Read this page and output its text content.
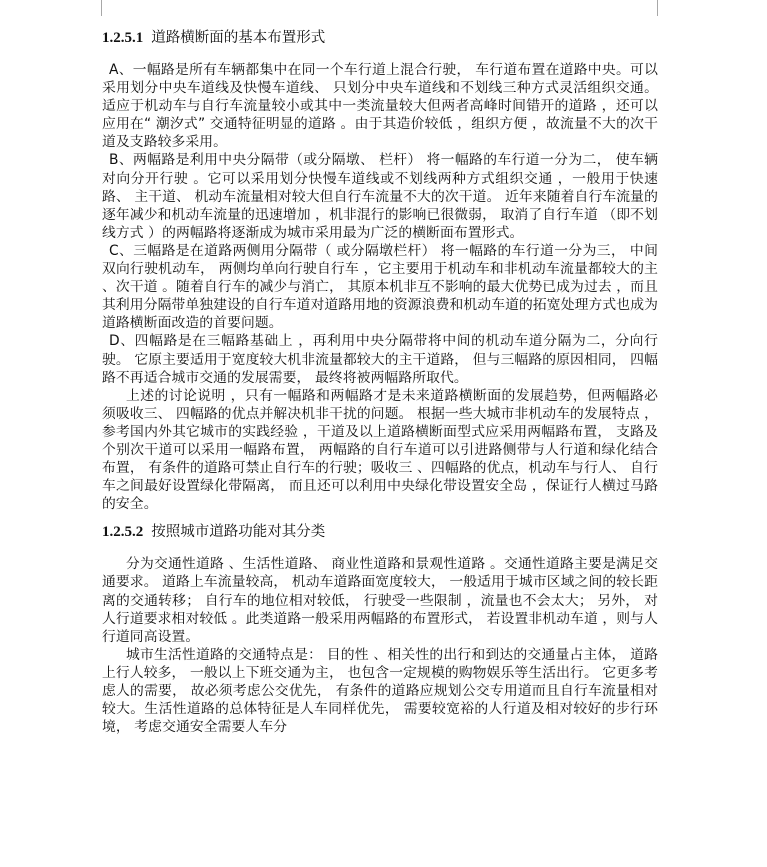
1.2.5.1 道路横断面的基本布置形式

A、一幅路是所有车辆都集中在同一个车行道上混合行驶， 车行道布置在道路中央。可以采用划分中央车道线及快慢车道线、 只划分中央车道线和不划线三种方式灵活组织交通。 适应于机动车与自行车流量较小或其中一类流量较大但两者高峰时间错开的道路 ，还可以应用在“ 潮汐式” 交通特征明显的道路 。由于其造价较低 ，组织方便 ，故流量不大的次干道及支路较多采用。

B、两幅路是利用中央分隔带（或分隔墩、 栏杆） 将一幅路的车行道一分为二， 使车辆对向分开行驶 。它可以采用划分快慢车道线或不划线两种方式组织交通 ，一般用于快速路、 主干道、 机动车流量相对较大但自行车流量不大的次干道。 近年来随着自行车流量的逐年减少和机动车流量的迅速增加 ，机非混行的影响已很微弱， 取消了自行车道 （即不划线方式 ）的两幅路将逐渐成为城市采用最为广泛的横断面布置形式。

C、三幅路是在道路两侧用分隔带（ 或分隔墩栏杆） 将一幅路的车行道一分为三， 中间双向行驶机动车， 两侧均单向行驶自行车 ，它主要用于机动车和非机动车流量都较大的主 、次干道 。随着自行车的减少与消亡， 其原本机非互不影响的最大优势已成为过去 ，而且其利用分隔带单独建设的自行车道对道路用地的资源浪费和机动车道的拓宽处理方式也成为道路横断面改造的首要问题。

D、四幅路是在三幅路基础上 ，再利用中央分隔带将中间的机动车道分隔为二，分向行驶。 它原主要适用于宽度较大机非流量都较大的主干道路， 但与三幅路的原因相同， 四幅路不再适合城市交通的发展需要， 最终将被两幅路所取代。

上述的讨论说明 ，只有一幅路和两幅路才是未来道路横断面的发展趋势，但两幅路必须吸收三、 四幅路的优点并解决机非干扰的问题。 根据一些大城市非机动车的发展特点 ，参考国内外其它城市的实践经验 ，干道及以上道路横断面型式应采用两幅路布置， 支路及个别次干道可以采用一幅路布置， 两幅路的自行车道可以引进路侧带与人行道和绿化结合布置， 有条件的道路可禁止自行车的行驶；吸收三 、四幅路的优点，机动车与行人、 自行车之间最好设置绿化带隔离， 而且还可以利用中央绿化带设置安全岛 ，保证行人横过马路的安全。

1.2.5.2 按照城市道路功能对其分类

分为交通性道路 、生活性道路、 商业性道路和景观性道路 。交通性道路主要是满足交通要求。 道路上车流量较高， 机动车道路面宽度较大， 一般适用于城市区域之间的较长距离的交通转移； 自行车的地位相对较低， 行驶受一些限制 ，流量也不会太大； 另外， 对人行道要求相对较低 。此类道路一般采用两幅路的布置形式， 若设置非机动车道 ，则与人行道同高设置。

城市生活性道路的交通特点是： 目的性 、相关性的出行和到达的交通量占主体， 道路上行人较多， 一般以上下班交通为主， 也包含一定规模的购物娱乐等生活出行。 它更多考虑人的需要， 故必须考虑公交优先， 有条件的道路应规划公交专用道而且自行车流量相对较大。生活性道路的总体特征是人车同样优先， 需要较宽裕的人行道及相对较好的步行环境， 考虑交通安全需要人车分
